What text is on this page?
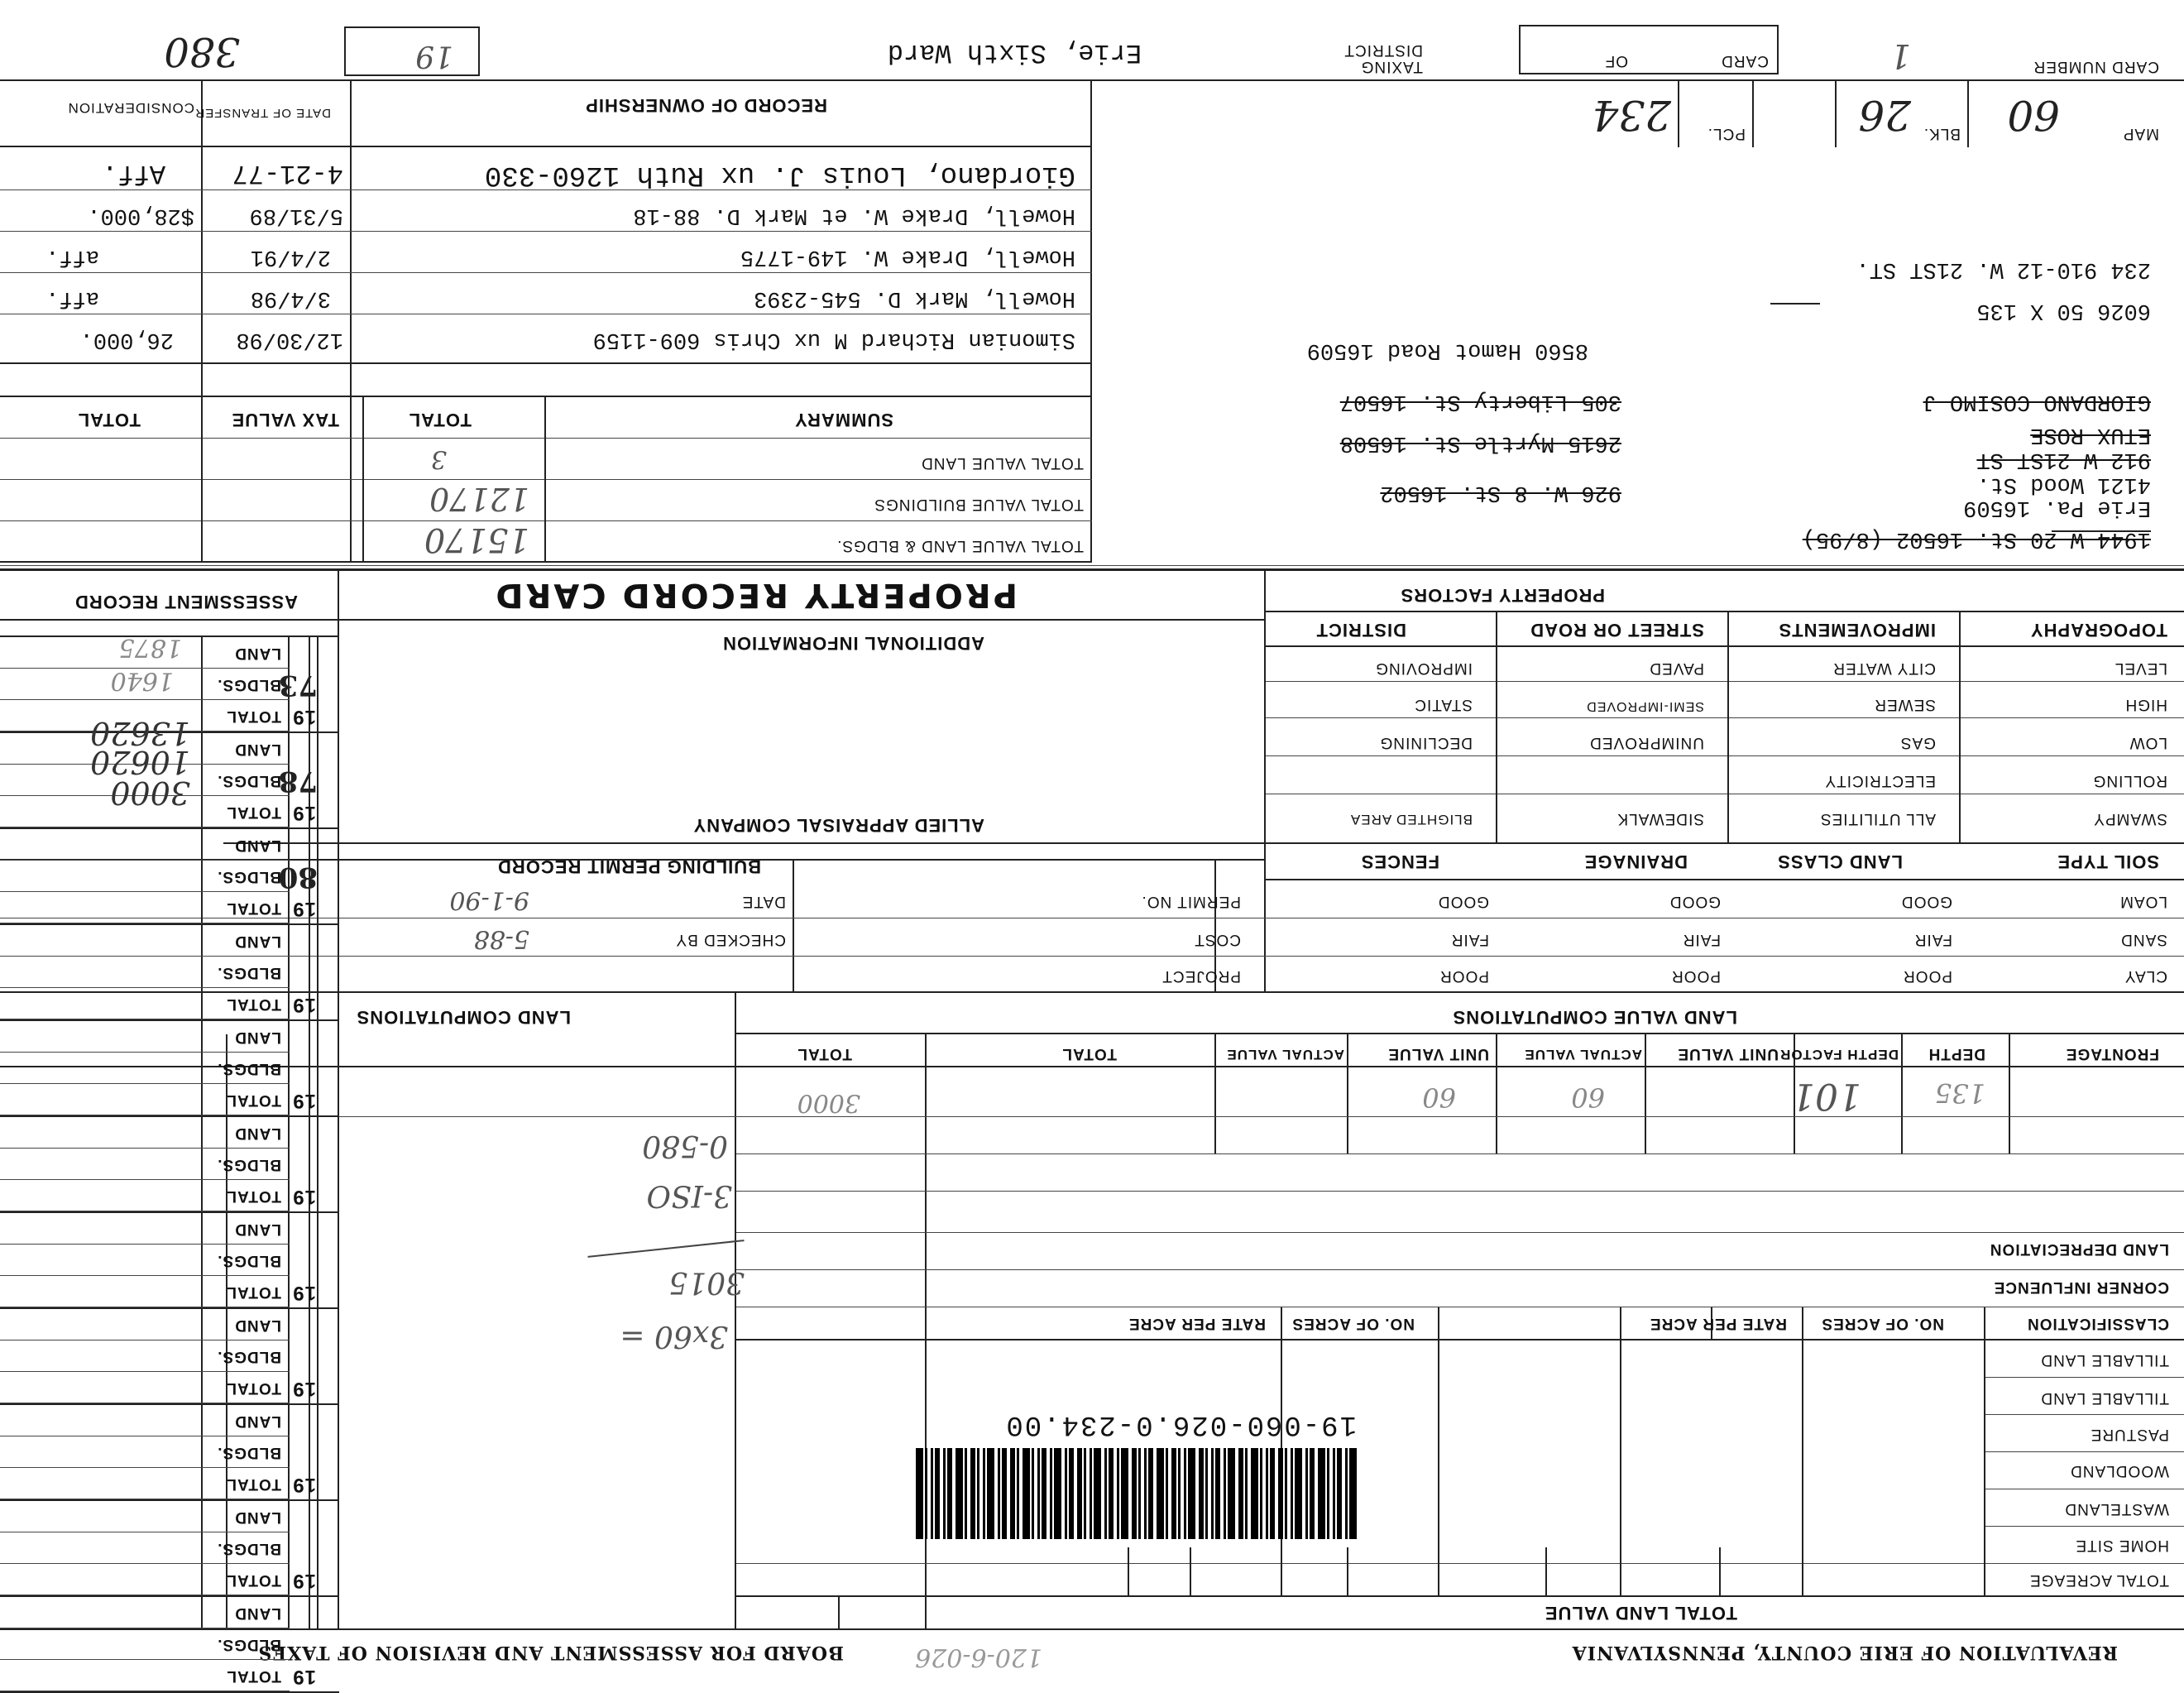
CARD NUMBER
1
CARD
OF
TAXING DISTRICT
Erie, Sixth Ward
19
380
MAP
60
BLK.
26
PCL.
234
6026 50 X 135
234 910-12 W. 21ST ST.
8560 Hamot Road 16509
GIORDANO COSIMO J
ETUX ROSE
305 Liberty St. 16507
2615 Myrtle St. 16508
926 W. 8 St. 16502
912 W 21ST ST
4121 Wood St.
Erie Pa. 16509
1944 W 20 St. 16502 (8/95)
RECORD OF OWNERSHIP
DATE OF TRANSFER
CONSIDERATION
Giordano, Louis J. ux Ruth 1260-330
4-21-77
Aff.
Howell, Drake W. et Mark D. 88-18
5/31/89
$28,000.
Howell, Drake W. 149-1775
2/4/91
aff.
Howell, Mark D. 545-2393
3/4/98
aff.
Simonian Richard M ux Chris 609-1159
12/30/98
26,000.
SUMMARY
TOTAL
TAX VALUE
TOTAL
TOTAL VALUE LAND
TOTAL VALUE BUILDINGS
TOTAL VALUE LAND & BLDGS.
15170
12170
3
PROPERTY FACTORS
TOPOGRAPHY
IMPROVEMENTS
STREET OR ROAD
DISTRICT
LEVEL
HIGH
LOW
ROLLING
SWAMPY
CITY WATER
SEWER
GAS
ELECTRICITY
ALL UTILITIES
PAVED
SEMI-IMPROVED
UNIMPROVED
SIDEWALK
IMPROVING
STATIC
DECLINING
BLIGHTED AREA
SOIL TYPE
LAND CLASS
DRAINAGE
FENCES
LOAM
SAND
CLAY
GOOD
FAIR
POOR
GOOD
FAIR
POOR
GOOD
FAIR
POOR
PERMIT NO.
COST
PROJECT
DATE
CHECKED BY
9-1-90
5-88
BUILDING PERMIT RECORD
ALLIED APPRAISAL COMPANY
ADDITIONAL INFORMATION
PROPERTY RECORD CARD
LAND VALUE COMPUTATIONS
LAND COMPUTATIONS
FRONTAGE
DEPTH
DEPTH FACTOR
UNIT VALUE
ACTUAL VALUE
UNIT VALUE
ACTUAL VALUE
TOTAL
TOTAL
101	135
60
60
3000
3x60 =
3015
3-ISO
0-580
TOTAL LAND VALUE
TOTAL ACREAGE
HOME SITE
WASTELAND
WOODLAND
PASTURE
TILLABLE LAND
TILLABLE LAND
CLASSIFICATION
NO. OF ACRES
RATE PER ACRE
NO. OF ACRES
RATE PER ACRE
CORNER INFLUENCE
LAND DEPRECIATION
19-060-026.0-234.00
REVALUATION OF ERIE COUNTY, PENNSYLVANIA
BOARD FOR ASSESSMENT AND REVISION OF TAXES	120-6-026
ASSESSMENT RECORD
LAND
BLDGS.
TOTAL 19
73
LAND
BLDGS.
TOTAL 19
78
LAND
BLDGS.
TOTAL 19
80
LAND
BLDGS.
TOTAL 19
LAND
BLDGS.
TOTAL 19
LAND
BLDGS.
TOTAL 19
LAND
BLDGS.
TOTAL 19
LAND
BLDGS.
TOTAL 19
LAND
BLDGS.
TOTAL 19
LAND
BLDGS.
TOTAL 19
LAND
BLDGS.
TOTAL 19
3000
10620
13620
1875
1640
